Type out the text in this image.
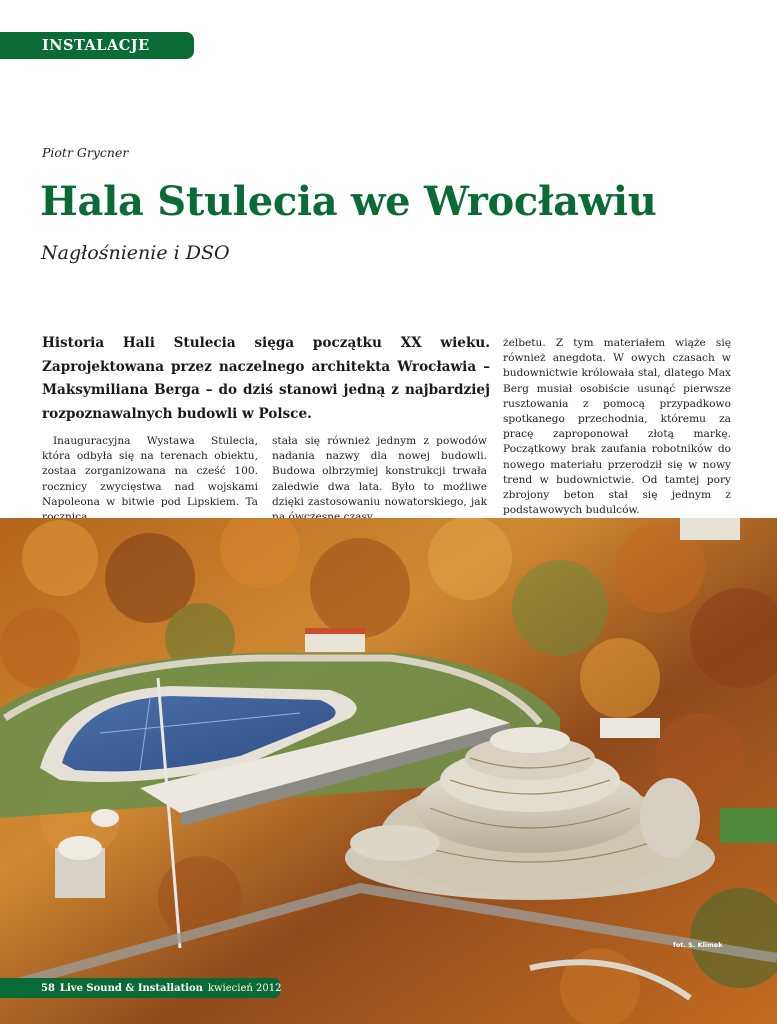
INSTALACJE
Piotr Grycner
Hala Stulecia we Wrocławiu
Nagłośnienie i DSO

Historia Hali Stulecia sięga początku XX wieku. Zaprojektowana przez naczelnego architekta Wrocławia – Maksymiliana Berga – do dziś stanowi jedną z najbardziej rozpoznawalnych budowli w Polsce.

Inauguracyjna Wystawa Stulecia, która odbyła się na terenach obiektu, zostaa zorganizowana na cześć 100. rocznicy zwycięstwa nad wojskami Napoleona w bitwie pod Lipskiem. Ta

stała się również jednym z powodów nadania nazwy dla nowej budowli. Budowa olbrzymiej konstrukcji trwała zaledwie dwa lata. Było to możliwe dzięki zastosowaniu nowatorskiego, jak

żelbetu. Z tym materiałem wiąże się również anegdota. W owych czasach w budownictwie królowała stal, dlatego Max Berg musiał osobiście usunąć pierwsze rusztowania z pomocą przypadkowo spotkanego przechodnia, któremu za pracę zaproponował złotą markę. Początkowy brak zaufania robotników do nowego materiału przerodził się w nowy trend w budownictwie. Od tamtej pory zbrojony beton stał się jednym z podstawowych budulców.

fot. S. Klimek
58 Live Sound & Installation kwiecień 2012
